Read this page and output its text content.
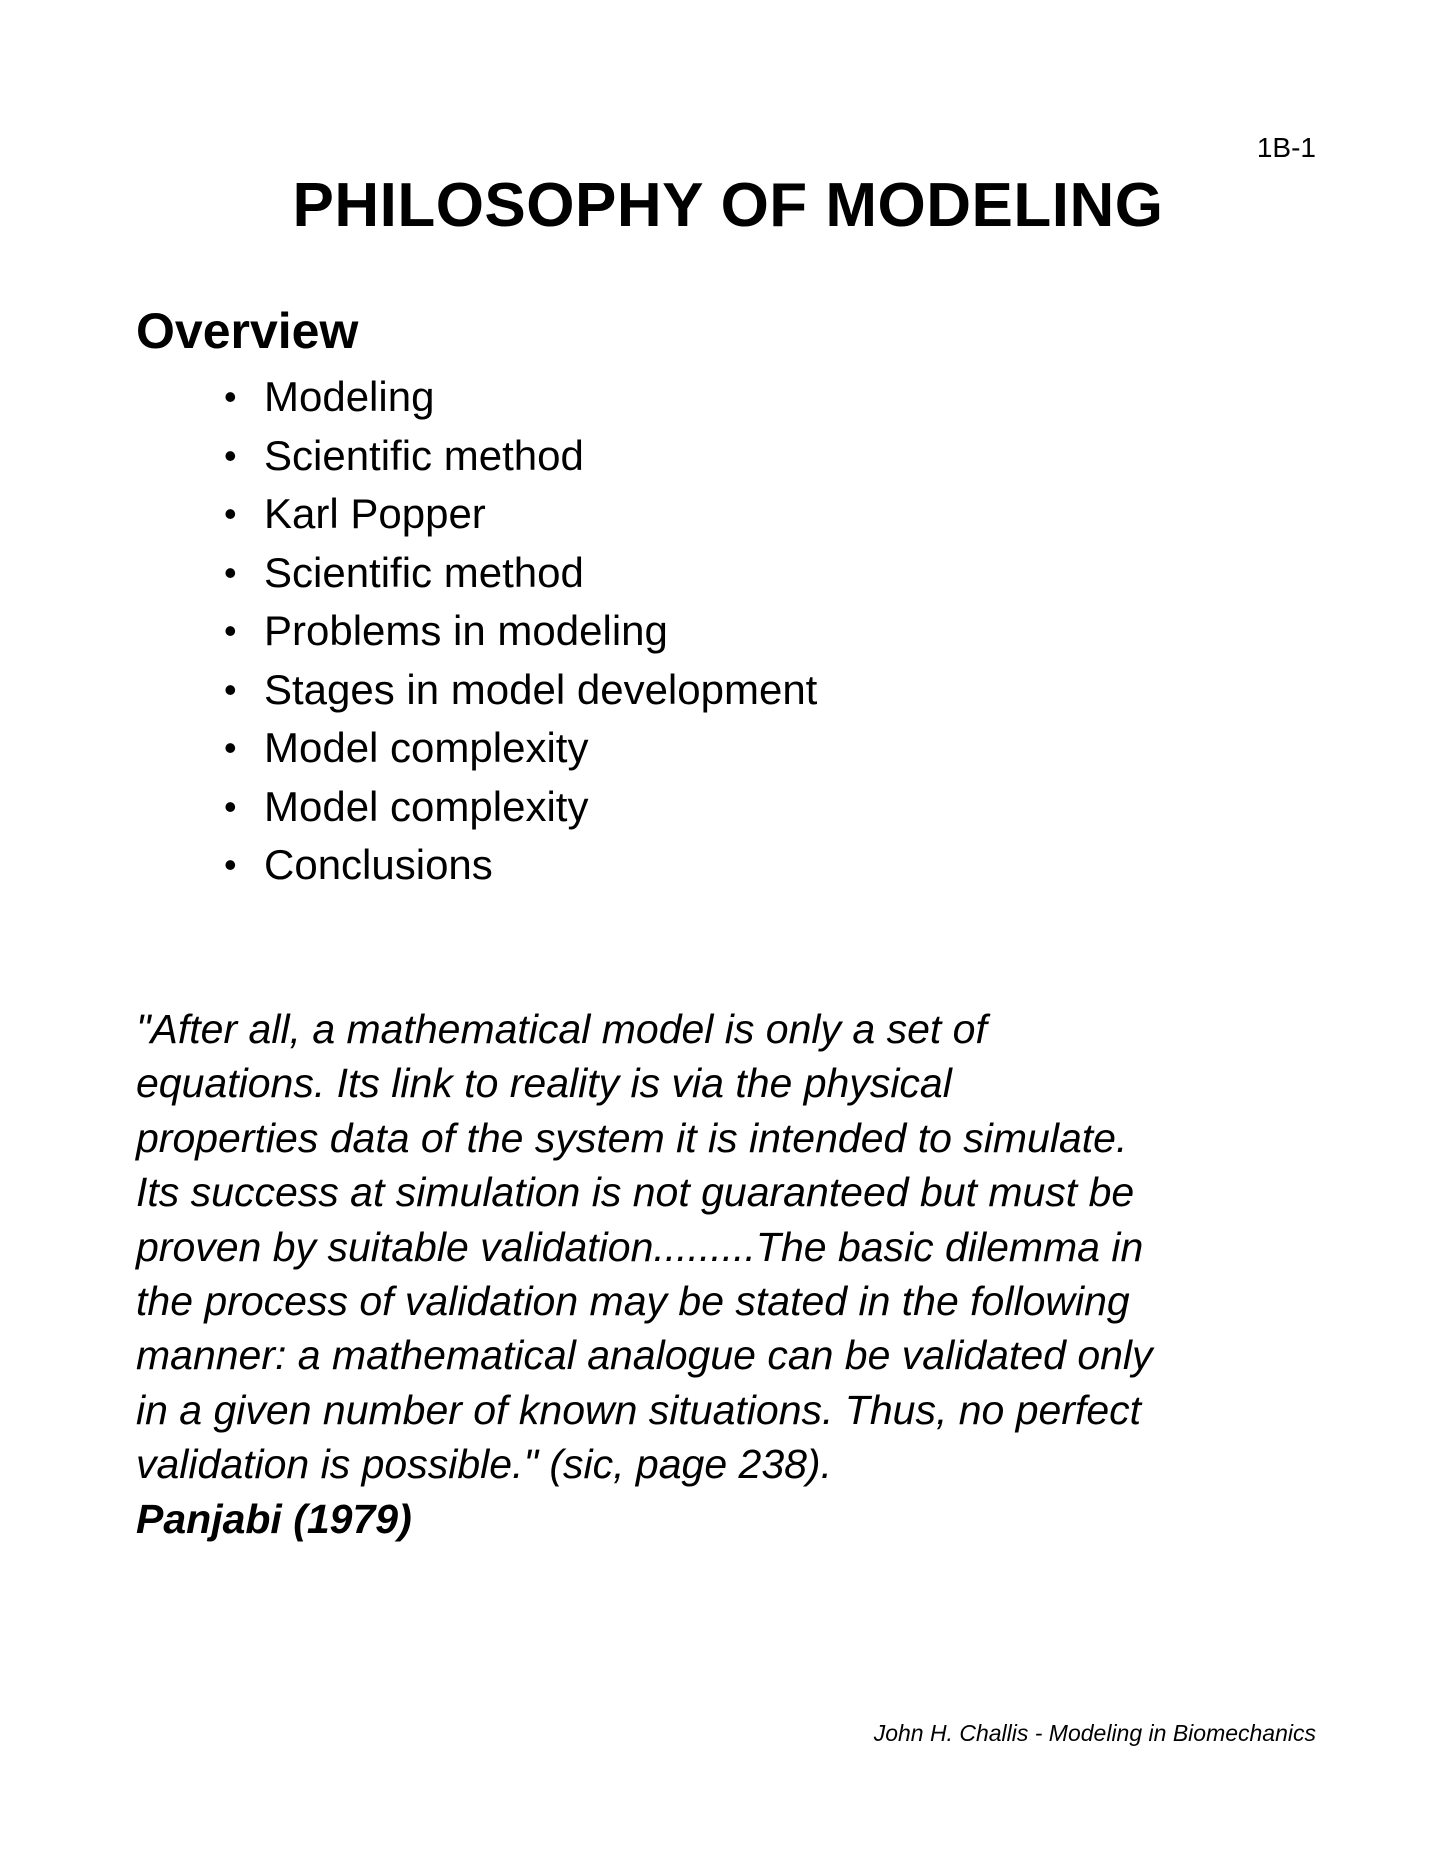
1B-1
PHILOSOPHY OF MODELING
Overview
• Modeling
• Scientific method
• Karl Popper
• Scientific method
• Problems in modeling
• Stages in model development
• Model complexity
• Model complexity
• Conclusions

"After all, a mathematical model is only a set of
equations. Its link to reality is via the physical
properties data of the system it is intended to simulate.
Its success at simulation is not guaranteed but must be
proven by suitable validation.........The basic dilemma in
the process of validation may be stated in the following
manner: a mathematical analogue can be validated only
in a given number of known situations. Thus, no perfect
validation is possible." (sic, page 238).

Panjabi (1979)

John H. Challis - Modeling in Biomechanics
